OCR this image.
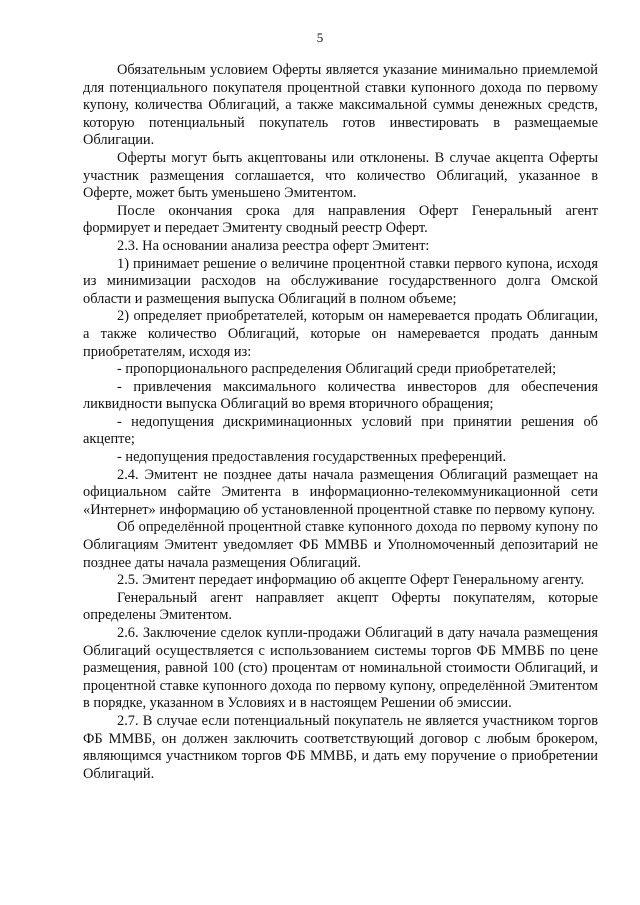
5

Обязательным условием Оферты является указание минимально приемлемой для потенциального покупателя процентной ставки купонного дохода по первому купону, количества Облигаций, а также максимальной суммы денежных средств, которую потенциальный покупатель готов инвестировать в размещаемые Облигации.

Оферты могут быть акцептованы или отклонены. В случае акцепта Оферты участник размещения соглашается, что количество Облигаций, указанное в Оферте, может быть уменьшено Эмитентом.

После окончания срока для направления Оферт Генеральный агент формирует и передает Эмитенту сводный реестр Оферт.

2.3. На основании анализа реестра оферт Эмитент:

1) принимает решение о величине процентной ставки первого купона, исходя из минимизации расходов на обслуживание государственного долга Омской области и размещения выпуска Облигаций в полном объеме;

2) определяет приобретателей, которым он намеревается продать Облигации, а также количество Облигаций, которые он намеревается продать данным приобретателям, исходя из:

- пропорционального распределения Облигаций среди приобретателей;

- привлечения максимального количества инвесторов для обеспечения ликвидности выпуска Облигаций во время вторичного обращения;

- недопущения дискриминационных условий при принятии решения об акцепте;

- недопущения предоставления государственных преференций.

2.4. Эмитент не позднее даты начала размещения Облигаций размещает на официальном сайте Эмитента в информационно-телекоммуникационной сети «Интернет» информацию об установленной процентной ставке по первому купону.

Об определённой процентной ставке купонного дохода по первому купону по Облигациям Эмитент уведомляет ФБ ММВБ и Уполномоченный депозитарий не позднее даты начала размещения Облигаций.

2.5. Эмитент передает информацию об акцепте Оферт Генеральному агенту.

Генеральный агент направляет акцепт Оферты покупателям, которые определены Эмитентом.

2.6. Заключение сделок купли-продажи Облигаций в дату начала размещения Облигаций осуществляется с использованием системы торгов ФБ ММВБ по цене размещения, равной 100 (сто) процентам от номинальной стоимости Облигаций, и процентной ставке купонного дохода по первому купону, определённой Эмитентом в порядке, указанном в Условиях и в настоящем Решении об эмиссии.

2.7. В случае если потенциальный покупатель не является участником торгов ФБ ММВБ, он должен заключить соответствующий договор с любым брокером, являющимся участником торгов ФБ ММВБ, и дать ему поручение о приобретении Облигаций.
